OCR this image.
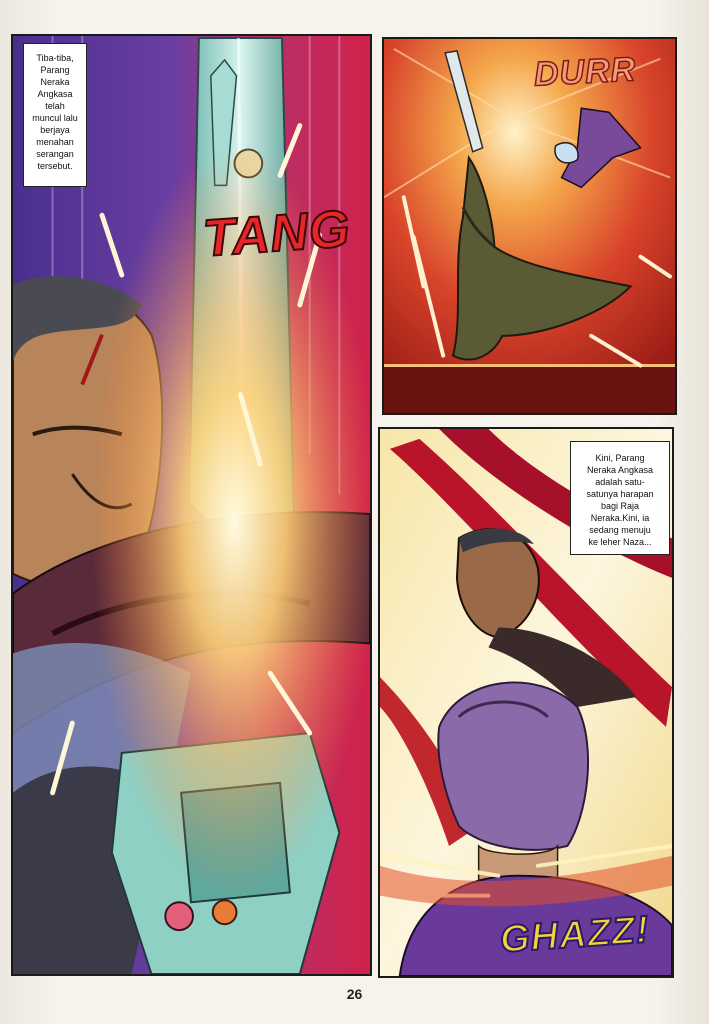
Tiba-tiba,
Parang
Neraka
Angkasa
telah
muncul lalu
berjaya
menahan
serangan
tersebut.
TANG
DURR
Kini, Parang
Neraka Angkasa
adalah satu-
satunya harapan
bagi Raja
Neraka.Kini, ia
sedang menuju
ke leher Naza...
GHAZZ!
26
